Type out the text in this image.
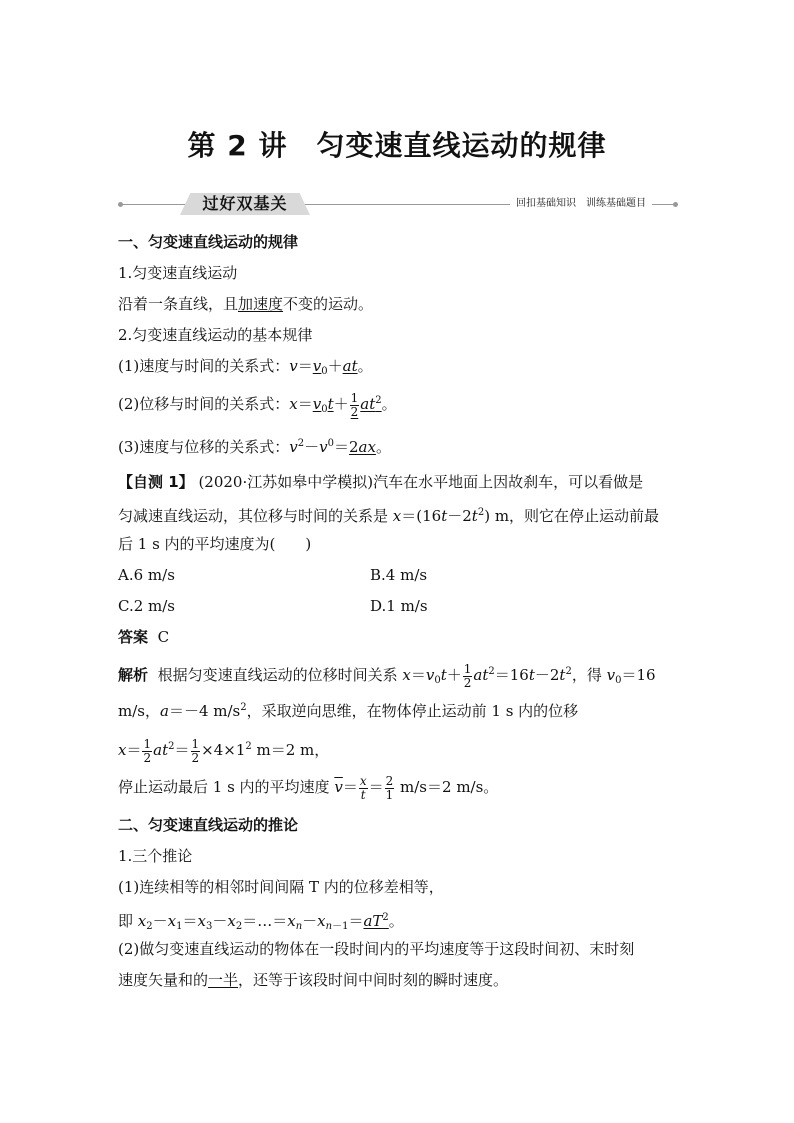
第 2 讲　匀变速直线运动的规律
过好双基关	回扣基础知识　训练基础题目
一、匀变速直线运动的规律
1.匀变速直线运动
沿着一条直线，且加速度不变的运动。
2.匀变速直线运动的基本规律
(1)速度与时间的关系式：$v=v_0+at$。
(2)位移与时间的关系式：$x=v_0t+ \frac{1}{2} at^2$。
(3)速度与位移的关系式：$v^2-v^0=2ax$。
【自测 1】 (2020·江苏如皋中学模拟)汽车在水平地面上因故刹车，可以看做是
匀减速直线运动，其位移与时间的关系是 $x=(16t-2t^2)$ m，则它在停止运动前最
后 1 s 内的平均速度为(　　)
A.6 m/s	B.4 m/s
C.2 m/s	D.1 m/s
答案 C
解析 根据匀变速直线运动的位移时间关系 $x=v_0t+ \frac{1}{2} at^2=16t-2t^2$，得 $v_0=16$
m/s，a＝－4 $m/s^2$，采取逆向思维，在物体停止运动前 1 s 内的位移
$x= \frac{1}{2} at^2= \frac{1}{2} \times 4\times 1^2$ m＝2 m，
停止运动最后 1 s 内的平均速度 $\overline{v}= \frac{x}{t} = \frac{2}{1} m/s=2$ m/s。
二、匀变速直线运动的推论
1.三个推论
(1)连续相等的相邻时间间隔 T 内的位移差相等，
即 $x_2-x_1=x_3-x_2=\dots=x_n-x_{n-1}=aT^2$。
(2)做匀变速直线运动的物体在一段时间内的平均速度等于这段时间初、末时刻
速度矢量和的一半，还等于该段时间中间时刻的瞬时速度。
